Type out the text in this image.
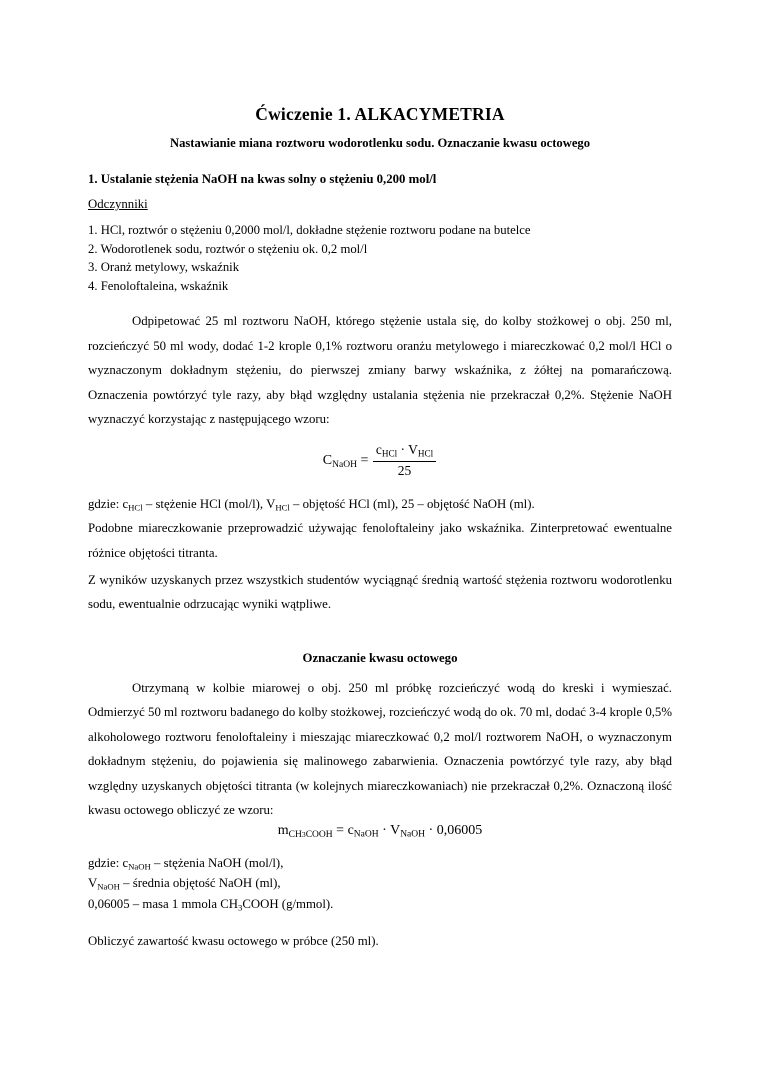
Ćwiczenie 1. ALKACYMETRIA
Nastawianie miana roztworu wodorotlenku sodu. Oznaczanie kwasu octowego
1. Ustalanie stężenia NaOH na kwas solny o stężeniu 0,200 mol/l
Odczynniki
1. HCl, roztwór o stężeniu 0,2000 mol/l, dokładne stężenie roztworu podane na butelce
2. Wodorotlenek sodu, roztwór o stężeniu ok. 0,2 mol/l
3. Oranż metylowy, wskaźnik
4. Fenoloftaleina, wskaźnik

Odpipetować 25 ml roztworu NaOH, którego stężenie ustala się, do kolby stożkowej o obj. 250 ml, rozcieńczyć 50 ml wody, dodać 1-2 krople 0,1% roztworu oranżu metylowego i miareczkować 0,2 mol/l HCl o wyznaczonym dokładnym stężeniu, do pierwszej zmiany barwy wskaźnika, z żółtej na pomarańczową. Oznaczenia powtórzyć tyle razy, aby błąd względny ustalania stężenia nie przekraczał 0,2%. Stężenie NaOH wyznaczyć korzystając z następującego wzoru:

$C_{NaOH} = \frac{c_{HCl} \cdot V_{HCl}}{25}$

gdzie: $c_{HCl}$ – stężenie HCl (mol/l), $V_{HCl}$ – objętość HCl (ml), 25 – objętość NaOH (ml).

Podobne miareczkowanie przeprowadzić używając fenoloftaleiny jako wskaźnika. Zinterpretować ewentualne różnice objętości titranta.

Z wyników uzyskanych przez wszystkich studentów wyciągnąć średnią wartość stężenia roztworu wodorotlenku sodu, ewentualnie odrzucając wyniki wątpliwe.

Oznaczanie kwasu octowego

Otrzymaną w kolbie miarowej o obj. 250 ml próbkę rozcieńczyć wodą do kreski i wymieszać. Odmierzyć 50 ml roztworu badanego do kolby stożkowej, rozcieńczyć wodą do ok. 70 ml, dodać 3-4 krople 0,5% alkoholowego roztworu fenoloftaleiny i mieszając miareczkować 0,2 mol/l roztworem NaOH, o wyznaczonym dokładnym stężeniu, do pojawienia się malinowego zabarwienia. Oznaczenia powtórzyć tyle razy, aby błąd względny uzyskanych objętości titranta (w kolejnych miareczkowaniach) nie przekraczał 0,2%. Oznaczoną ilość kwasu octowego obliczyć ze wzoru:

$m_{CH3COOH} = c_{NaOH} \cdot V_{NaOH} \cdot 0,06005$
gdzie: $c_{NaOH}$ – stężenia NaOH (mol/l),
$V_{NaOH}$ – średnia objętość NaOH (ml),
0,06005 – masa 1 mmola $CH_3COOH$ (g/mmol).

Obliczyć zawartość kwasu octowego w próbce (250 ml).
